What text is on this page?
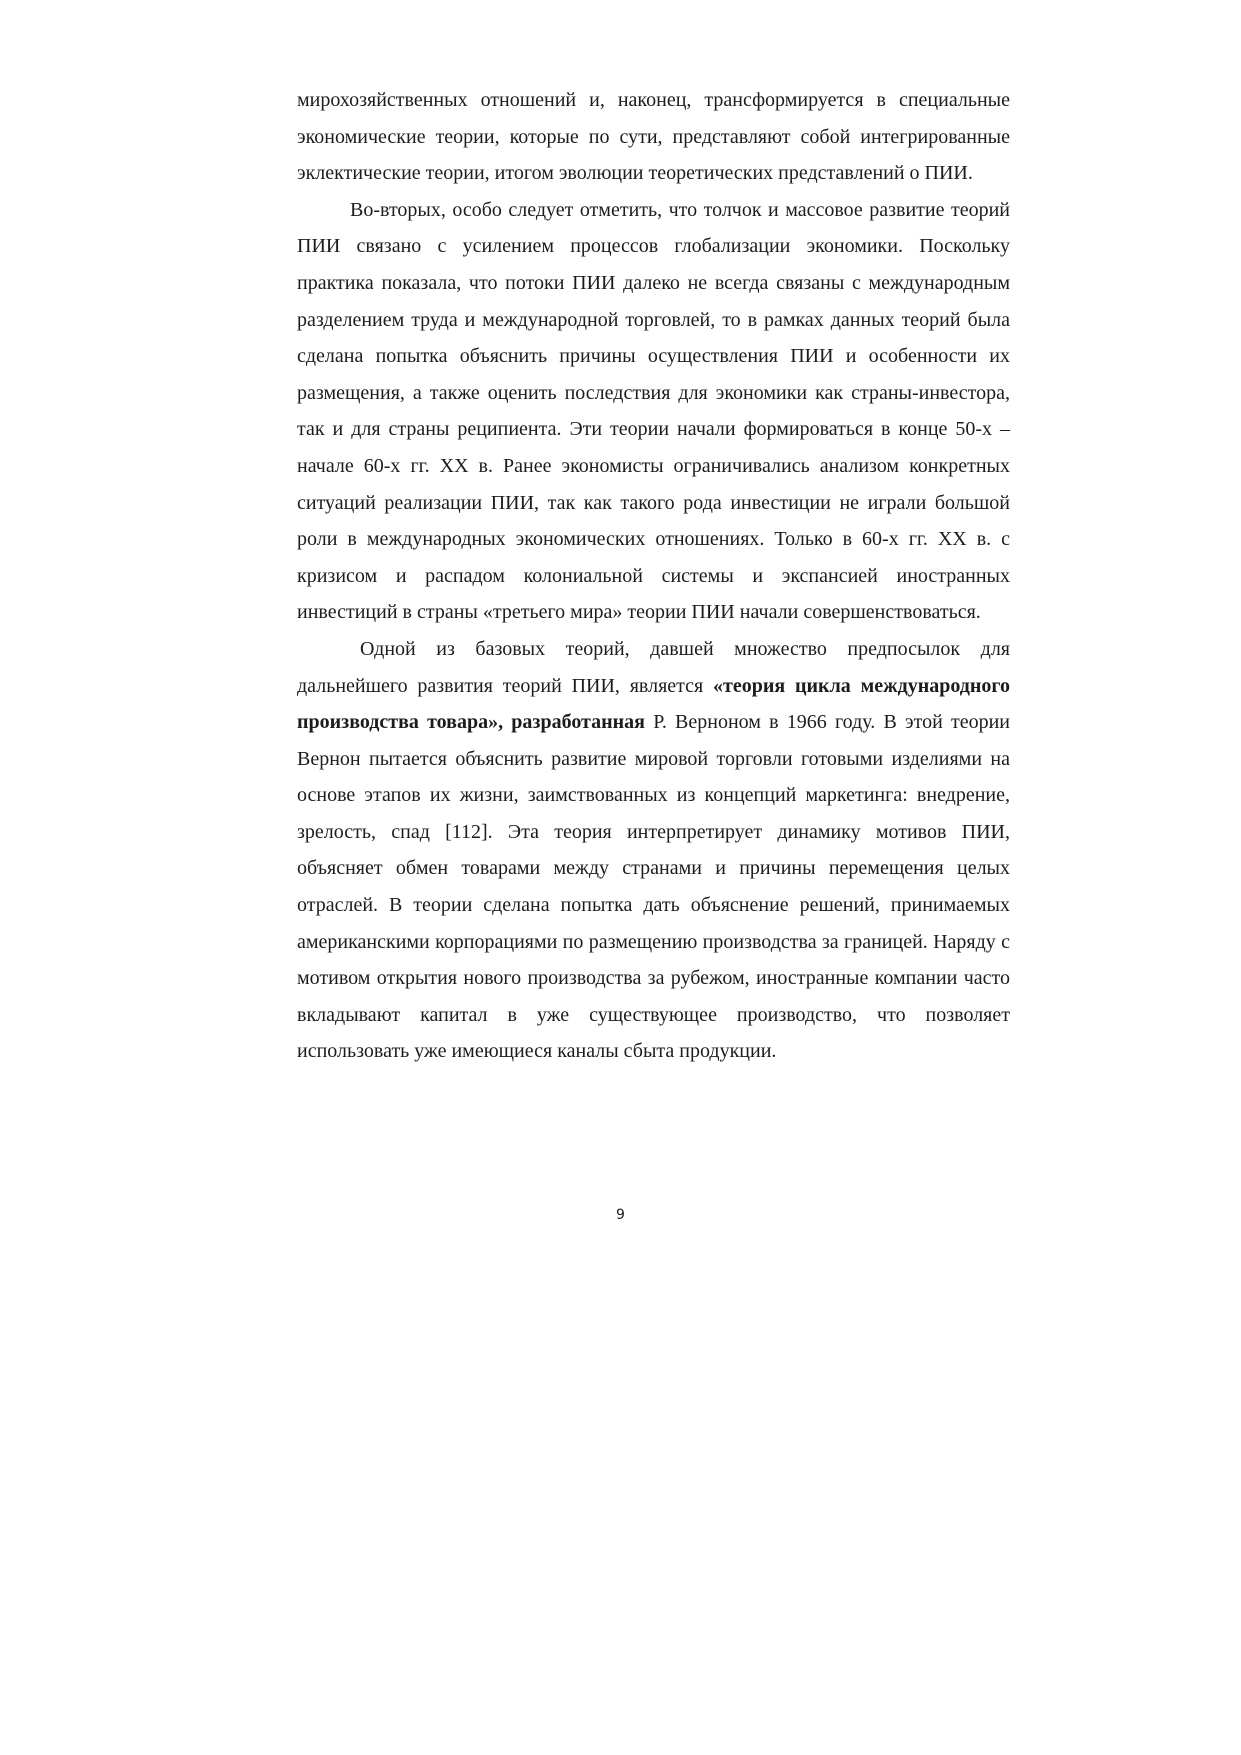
мирохозяйственных отношений и, наконец, трансформируется в специальные экономические теории, которые по сути, представляют собой интегрированные эклектические теории, итогом эволюции теоретических представлений о ПИИ.

Во-вторых, особо следует отметить, что толчок и массовое развитие теорий ПИИ связано с усилением процессов глобализации экономики. Поскольку практика показала, что потоки ПИИ далеко не всегда связаны с международным разделением труда и международной торговлей, то в рамках данных теорий была сделана попытка объяснить причины осуществления ПИИ и особенности их размещения, а также оценить последствия для экономики как страны-инвестора, так и для страны реципиента. Эти теории начали формироваться в конце 50-х – начале 60-х гг. XX в. Ранее экономисты ограничивались анализом конкретных ситуаций реализации ПИИ, так как такого рода инвестиции не играли большой роли в международных экономических отношениях. Только в 60-х гг. XX в. с кризисом и распадом колониальной системы и экспансией иностранных инвестиций в страны «третьего мира» теории ПИИ начали совершенствоваться.

Одной из базовых теорий, давшей множество предпосылок для дальнейшего развития теорий ПИИ, является «теория цикла международного производства товара», разработанная Р. Верноном в 1966 году. В этой теории Вернон пытается объяснить развитие мировой торговли готовыми изделиями на основе этапов их жизни, заимствованных из концепций маркетинга: внедрение, зрелость, спад [112]. Эта теория интерпретирует динамику мотивов ПИИ, объясняет обмен товарами между странами и причины перемещения целых отраслей. В теории сделана попытка дать объяснение решений, принимаемых американскими корпорациями по размещению производства за границей. Наряду с мотивом открытия нового производства за рубежом, иностранные компании часто вкладывают капитал в уже существующее производство, что позволяет использовать уже имеющиеся каналы сбыта продукции.

9
